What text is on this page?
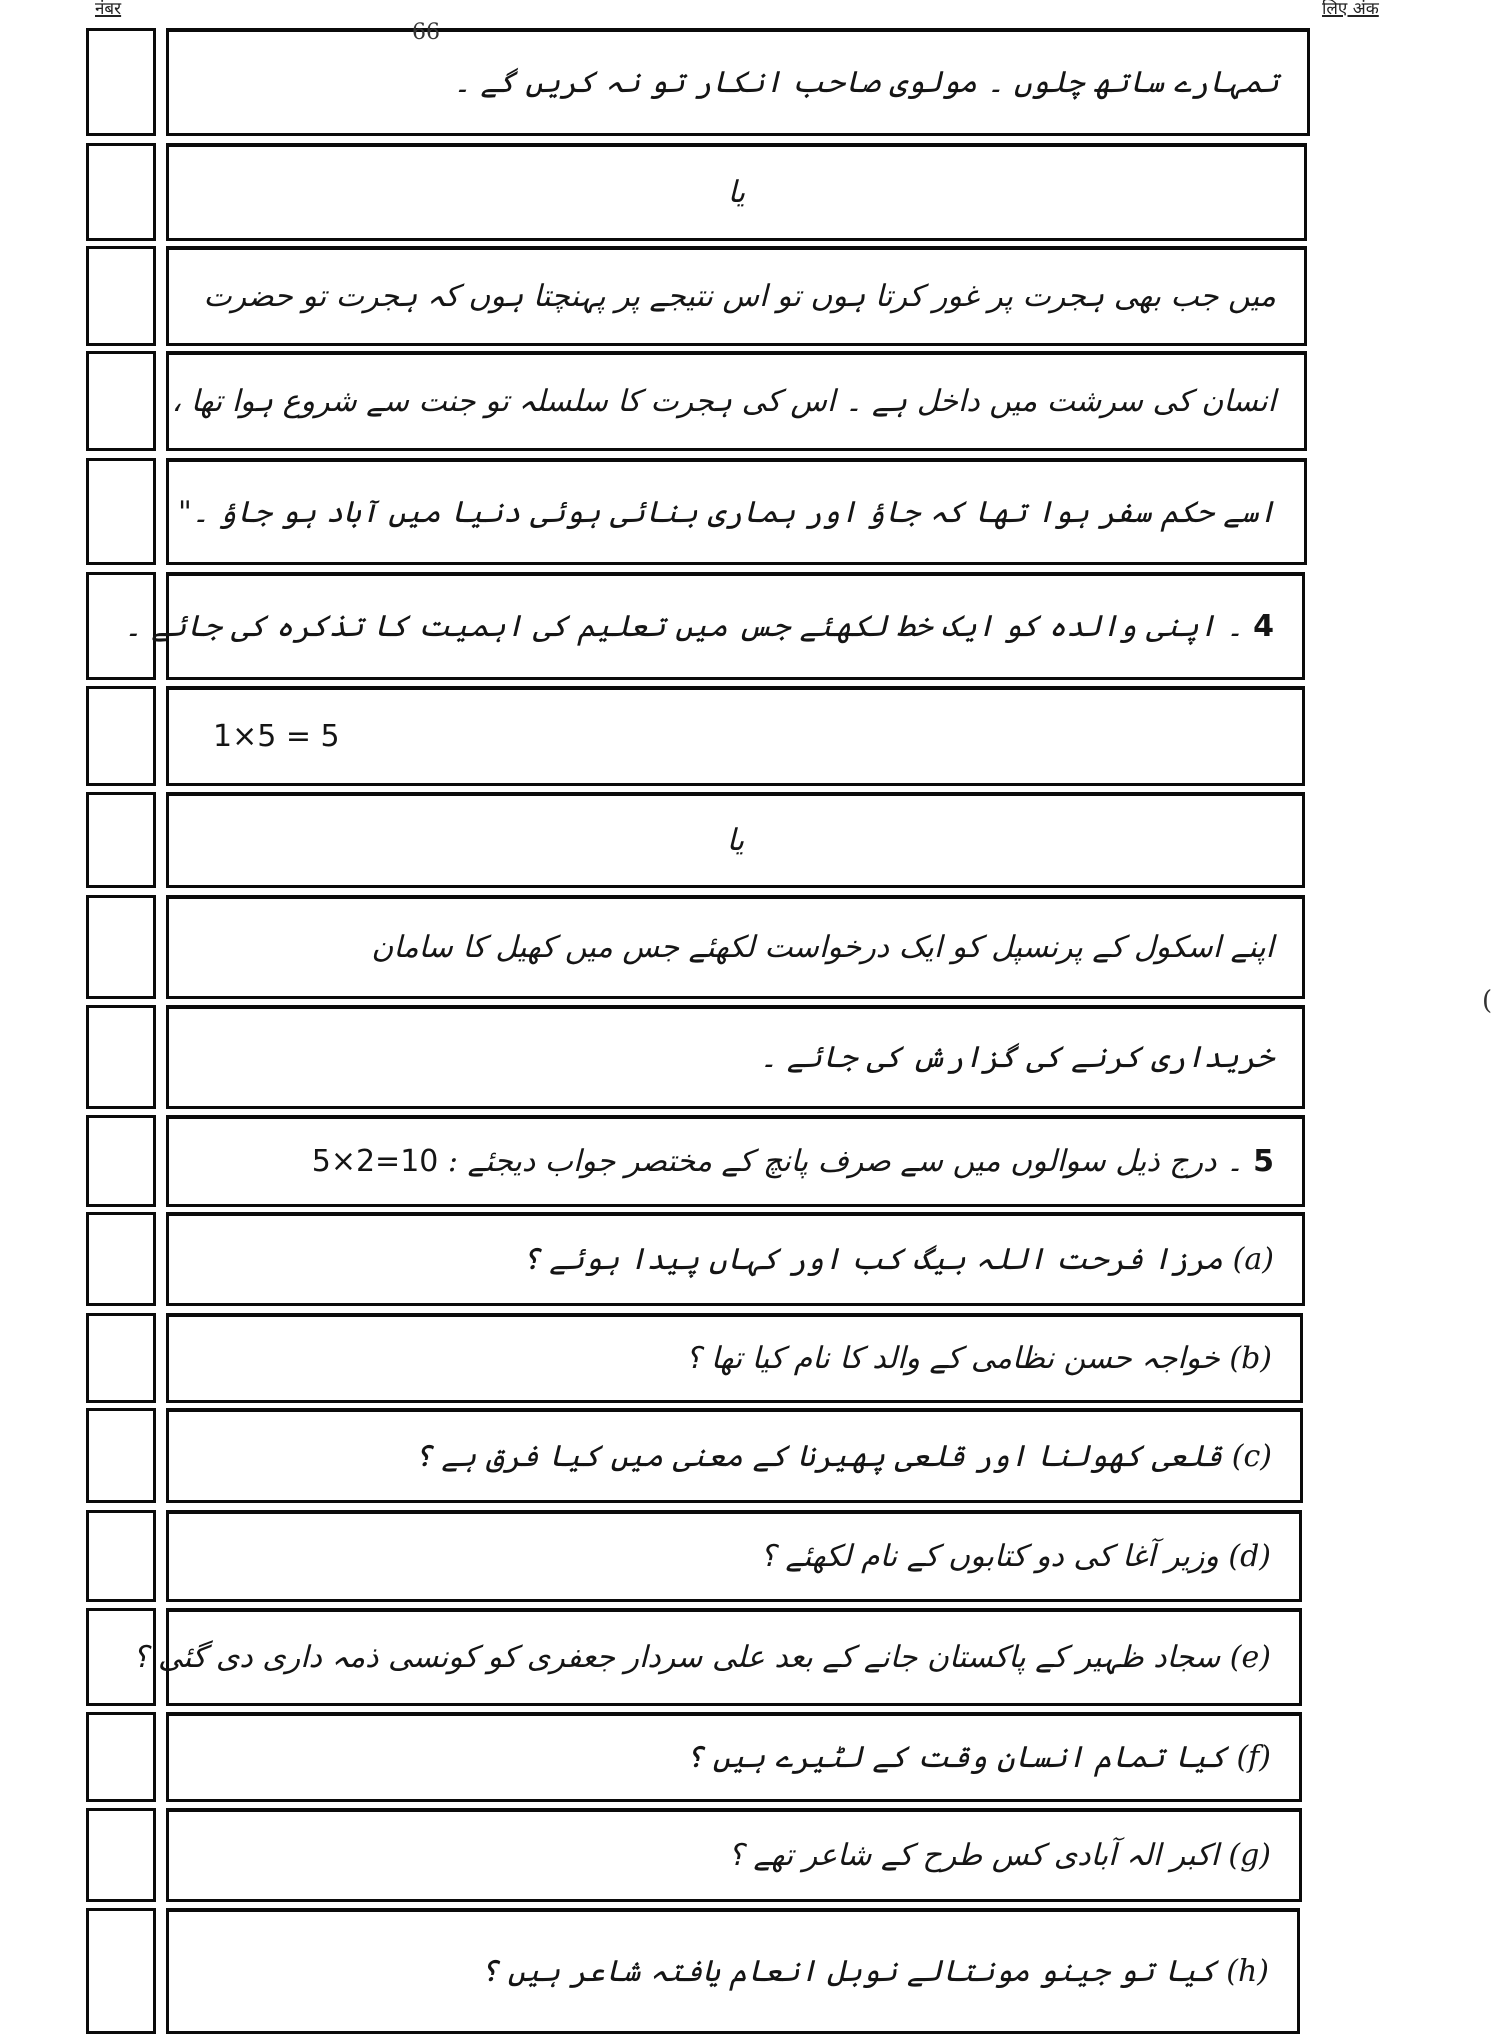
नंबर	लिए अंक
تمہارے ساتھ چلوں ۔ مولوی صاحب انکار تو نہ کریں گے ۔
یا
میں جب بھی ہجرت پر غور کرتا ہوں تو اس نتیجے پر پہنچتا ہوں کہ ہجرت تو حضرت
انسان کی سرشت میں داخل ہے ۔ اس کی ہجرت کا سلسلہ تو جنت سے شروع ہوا تھا ،
اسے حکم سفر ہوا تھا کہ جاؤ اور ہماری بنائی ہوئی دنیا میں آباد ہو جاؤ ۔"
4 ۔ اپنی والدہ کو ایک خط لکھئے جس میں تعلیم کی اہمیت کا تذکرہ کی جائے ۔
1×5 = 5
یا
اپنے اسکول کے پرنسپل کو ایک درخواست لکھئے جس میں کھیل کا سامان
خریداری کرنے کی گزارش کی جائے ۔
5 ۔ درج ذیل سوالوں میں سے صرف پانچ کے مختصر جواب دیجئے : 5×2=10
(a) مرزا فرحت اللہ بیگ کب اور کہاں پیدا ہوئے ؟
(b) خواجہ حسن نظامی کے والد کا نام کیا تھا ؟
(c) قلعی کھولنا اور قلعی پھیرنا کے معنی میں کیا فرق ہے ؟
(d) وزیر آغا کی دو کتابوں کے نام لکھئے ؟
(e) سجاد ظہیر کے پاکستان جانے کے بعد علی سردار جعفری کو کونسی ذمہ داری دی گئی ؟
(f) کیا تمام انسان وقت کے لٹیرے ہیں ؟
(g) اکبر الہ آبادی کس طرح کے شاعر تھے ؟
(h) کیا تو جینو مونتالے نوبل انعام یافتہ شاعر ہیں ؟
66
(
